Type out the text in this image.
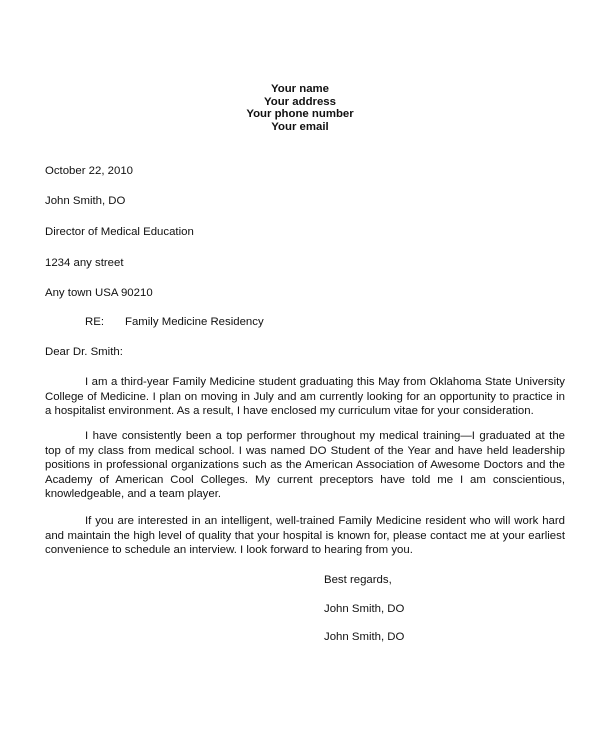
Your name
Your address
Your phone number
Your email
October 22, 2010
John Smith, DO
Director of Medical Education
1234 any street
Any town USA 90210
RE: Family Medicine Residency
Dear Dr. Smith:
I am a third-year Family Medicine student graduating this May from Oklahoma State University College of Medicine. I plan on moving in July and am currently looking for an opportunity to practice in a hospitalist environment. As a result, I have enclosed my curriculum vitae for your consideration.
I have consistently been a top performer throughout my medical training—I graduated at the top of my class from medical school. I was named DO Student of the Year and have held leadership positions in professional organizations such as the American Association of Awesome Doctors and the Academy of American Cool Colleges. My current preceptors have told me I am conscientious, knowledgeable, and a team player.
If you are interested in an intelligent, well-trained Family Medicine resident who will work hard and maintain the high level of quality that your hospital is known for, please contact me at your earliest convenience to schedule an interview. I look forward to hearing from you.
Best regards,
John Smith, DO
John Smith, DO
